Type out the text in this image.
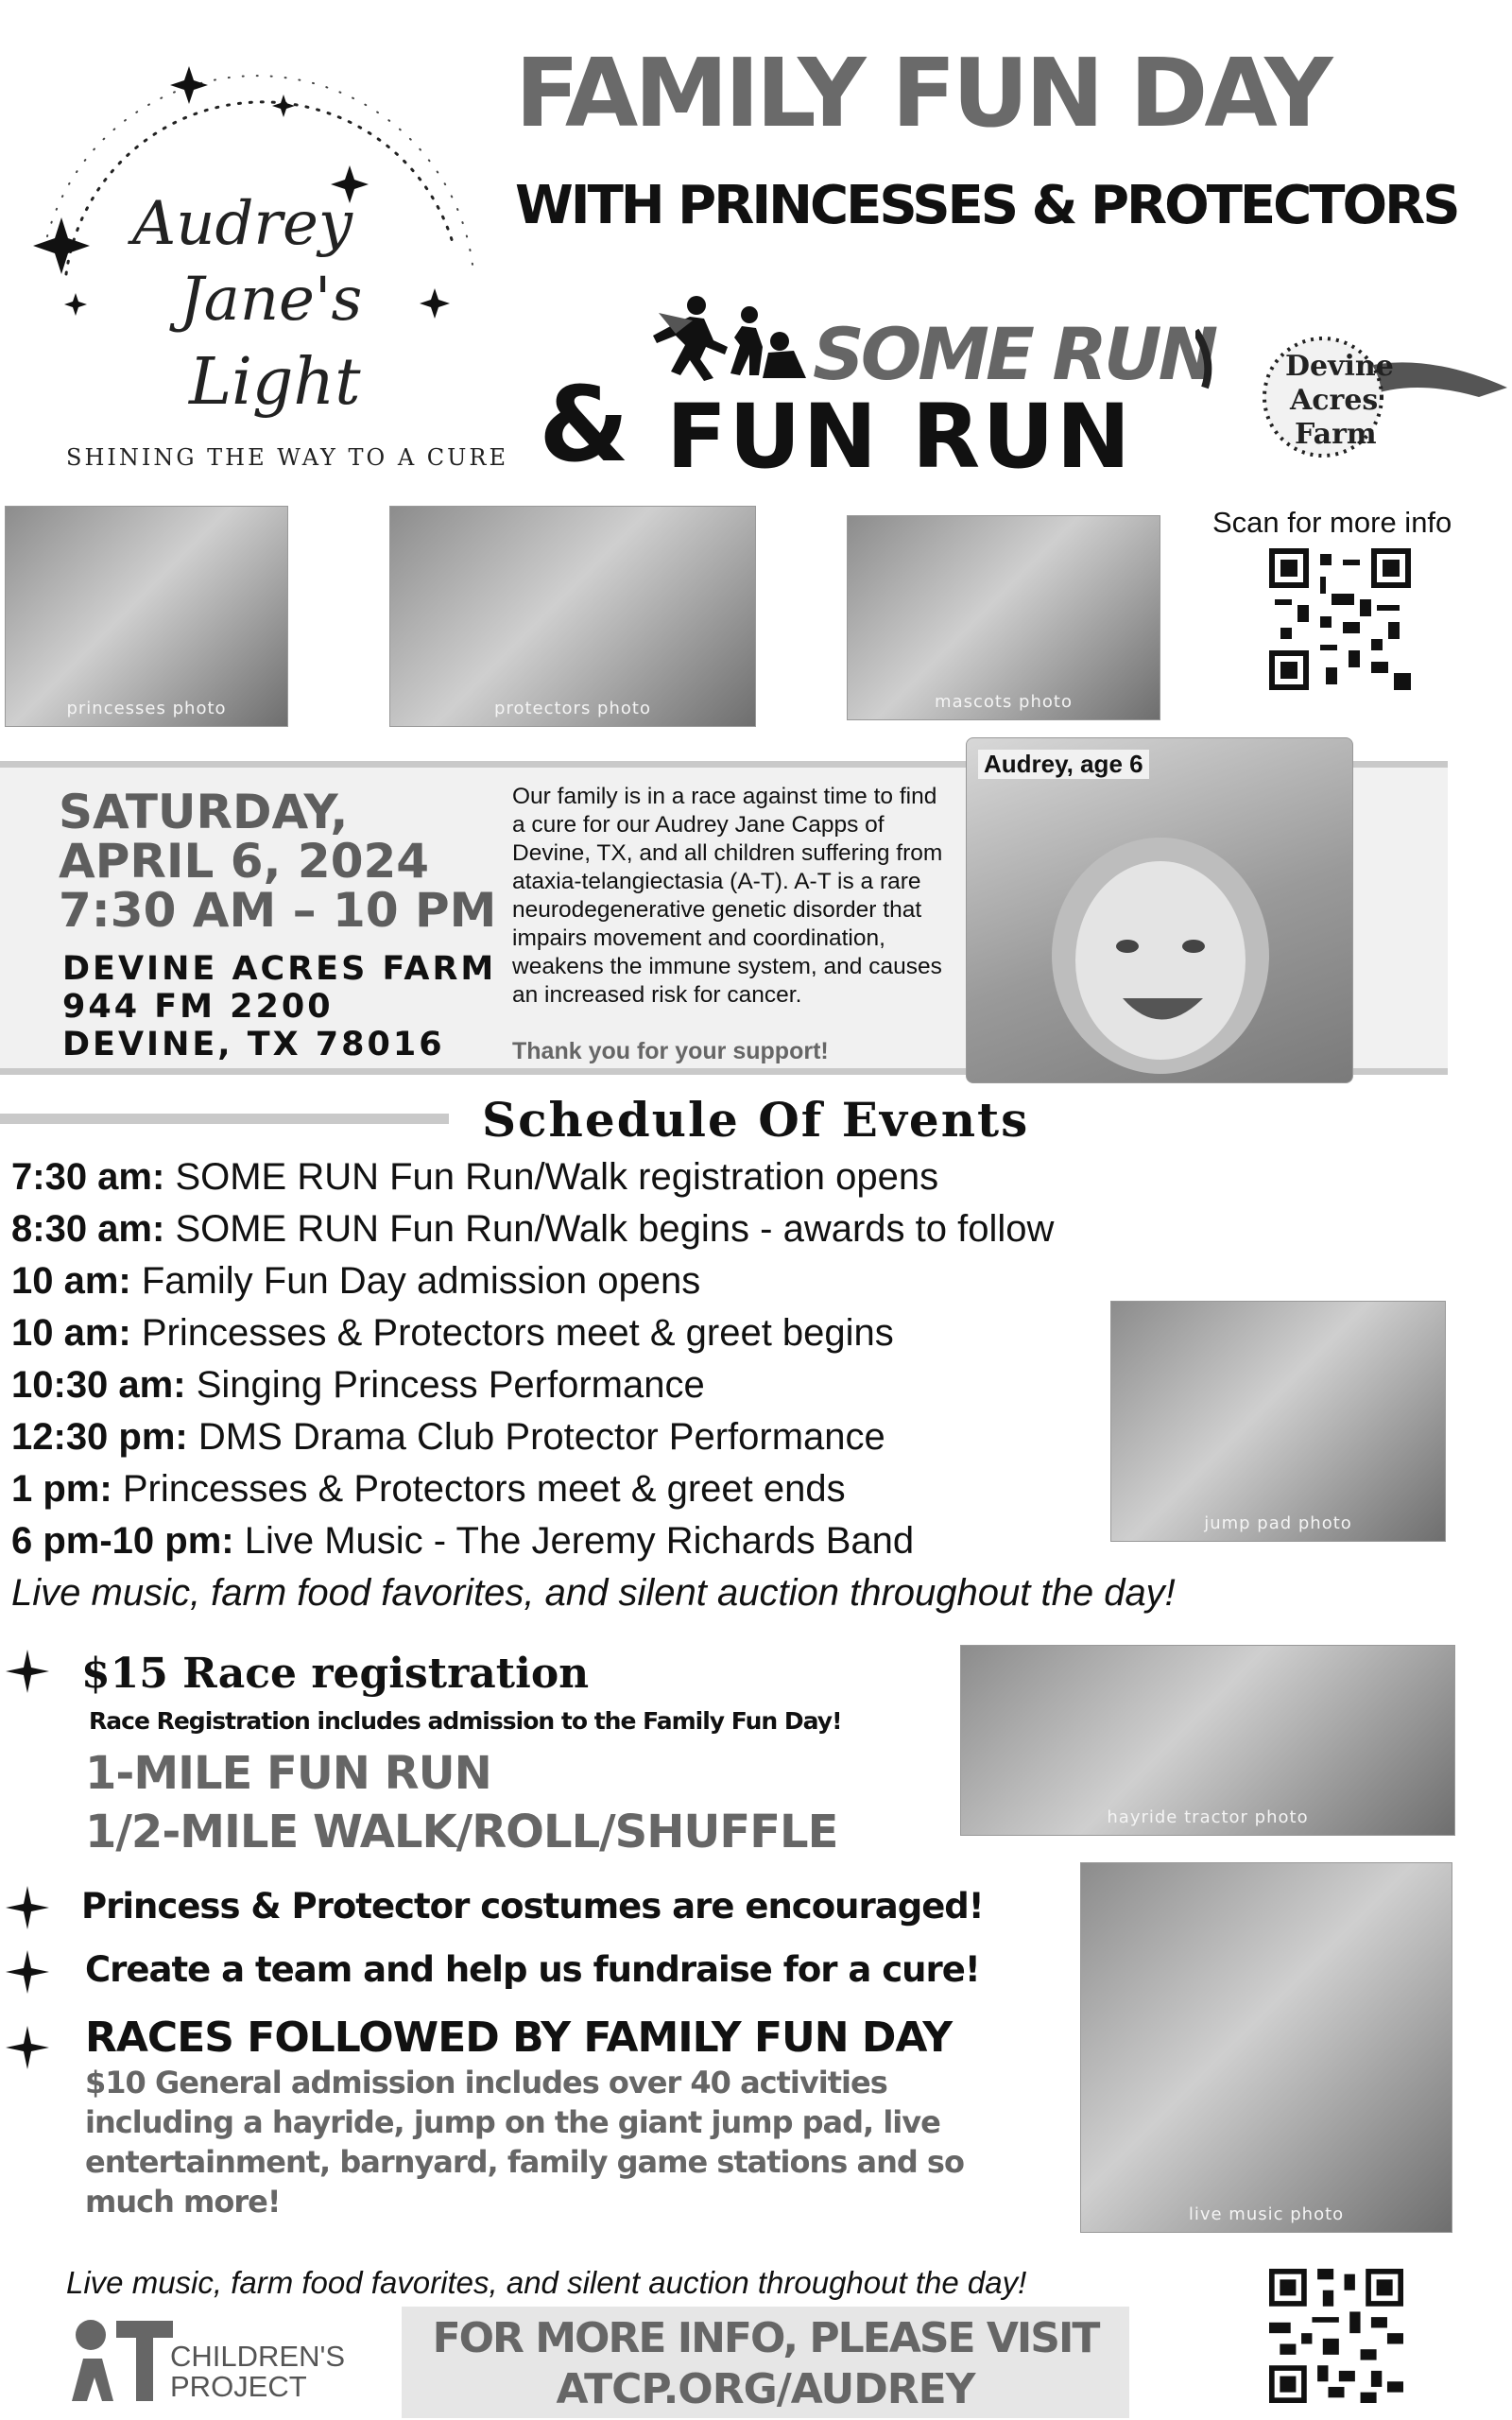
Audrey
Jane's
Light
SHINING THE WAY TO A CURE
FAMILY FUN DAY
WITH PRINCESSES & PROTECTORS
SOME RUN
& FUN RUN
Devine
Acres
Farm
princesses photo	protectors photo	mascots photo
Scan for more info
SATURDAY,
APRIL 6, 2024
7:30 AM – 10 PM
DEVINE ACRES FARM
944 FM 2200
DEVINE, TX 78016
Our family is in a race against time to find a cure for our Audrey Jane Capps of Devine, TX, and all children suffering from ataxia-telangiectasia (A-T). A-T is a rare neurodegenerative genetic disorder that impairs movement and coordination, weakens the immune system, and causes an increased risk for cancer.
Thank you for your support!
Audrey, age 6
Schedule Of Events
7:30 am: SOME RUN Fun Run/Walk registration opens
8:30 am: SOME RUN Fun Run/Walk begins - awards to follow
10 am: Family Fun Day admission opens
10 am: Princesses & Protectors meet & greet begins
10:30 am: Singing Princess Performance
12:30 pm: DMS Drama Club Protector Performance
1 pm: Princesses & Protectors meet & greet ends
6 pm-10 pm: Live Music - The Jeremy Richards Band
Live music, farm food favorites, and silent auction throughout the day!
jump pad photo
$15 Race registration
Race Registration includes admission to the Family Fun Day!
1-MILE FUN RUN
1/2-MILE WALK/ROLL/SHUFFLE	hayride tractor photo
Princess & Protector costumes are encouraged!
Create a team and help us fundraise for a cure!
RACES FOLLOWED BY FAMILY FUN DAY
$10 General admission includes over 40 activities including a hayride, jump on the giant jump pad, live entertainment, barnyard, family game stations and so much more!	live music photo
Live music, farm food favorites, and silent auction throughout the day!
CHILDREN'S
PROJECT
FOR MORE INFO, PLEASE VISIT
ATCP.ORG/AUDREY
